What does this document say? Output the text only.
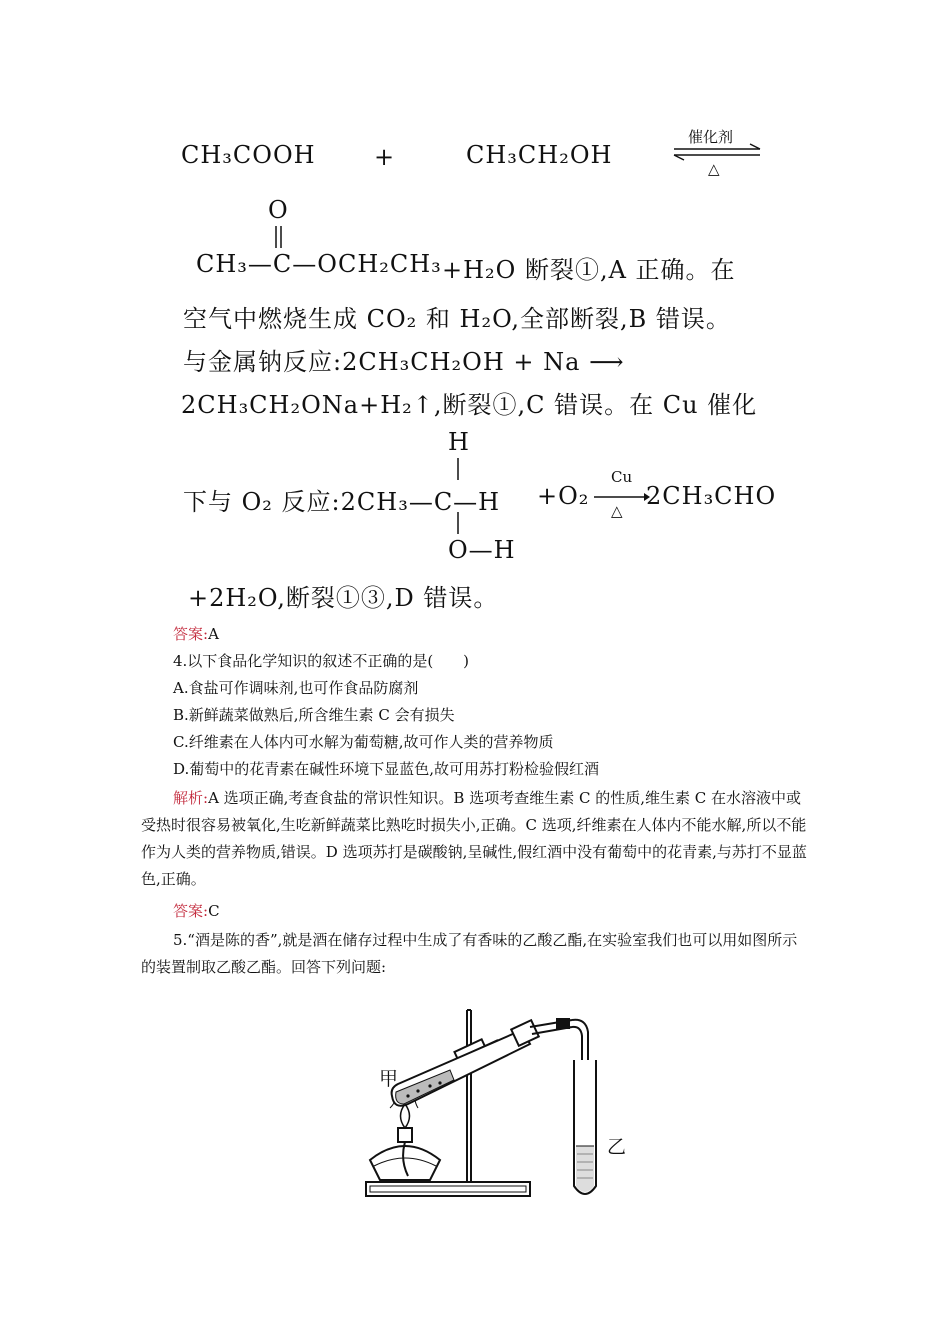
CH₃COOH +	CH₃CH₂OH
催化剂
△
O
CH₃—C—OCH₂CH₃ +H₂O 断裂①,A 正确。在
空气中燃烧生成 CO₂ 和 H₂O,全部断裂,B 错误。
与金属钠反应:2CH₃CH₂OH + Na ⟶
2CH₃CH₂ONa+H₂↑,断裂①,C 错误。在 Cu 催化
H
下与 O₂ 反应:2CH₃—C—H +O₂
Cu
△
2CH₃CHO
O—H
+2H₂O,断裂①③,D 错误。
答案:A
4.以下食品化学知识的叙述不正确的是(　　)
A.食盐可作调味剂,也可作食品防腐剂
B.新鲜蔬菜做熟后,所含维生素 C 会有损失
C.纤维素在人体内可水解为葡萄糖,故可作人类的营养物质
D.葡萄中的花青素在碱性环境下显蓝色,故可用苏打粉检验假红酒
解析:A 选项正确,考查食盐的常识性知识。B 选项考查维生素 C 的性质,维生素 C 在水溶液中或受热时很容易被氧化,生吃新鲜蔬菜比熟吃时损失小,正确。C 选项,纤维素在人体内不能水解,所以不能作为人类的营养物质,错误。D 选项苏打是碳酸钠,呈碱性,假红酒中没有葡萄中的花青素,与苏打不显蓝色,正确。
答案:C
5.“酒是陈的香”,就是酒在储存过程中生成了有香味的乙酸乙酯,在实验室我们也可以用如图所示的装置制取乙酸乙酯。回答下列问题:
甲
乙
